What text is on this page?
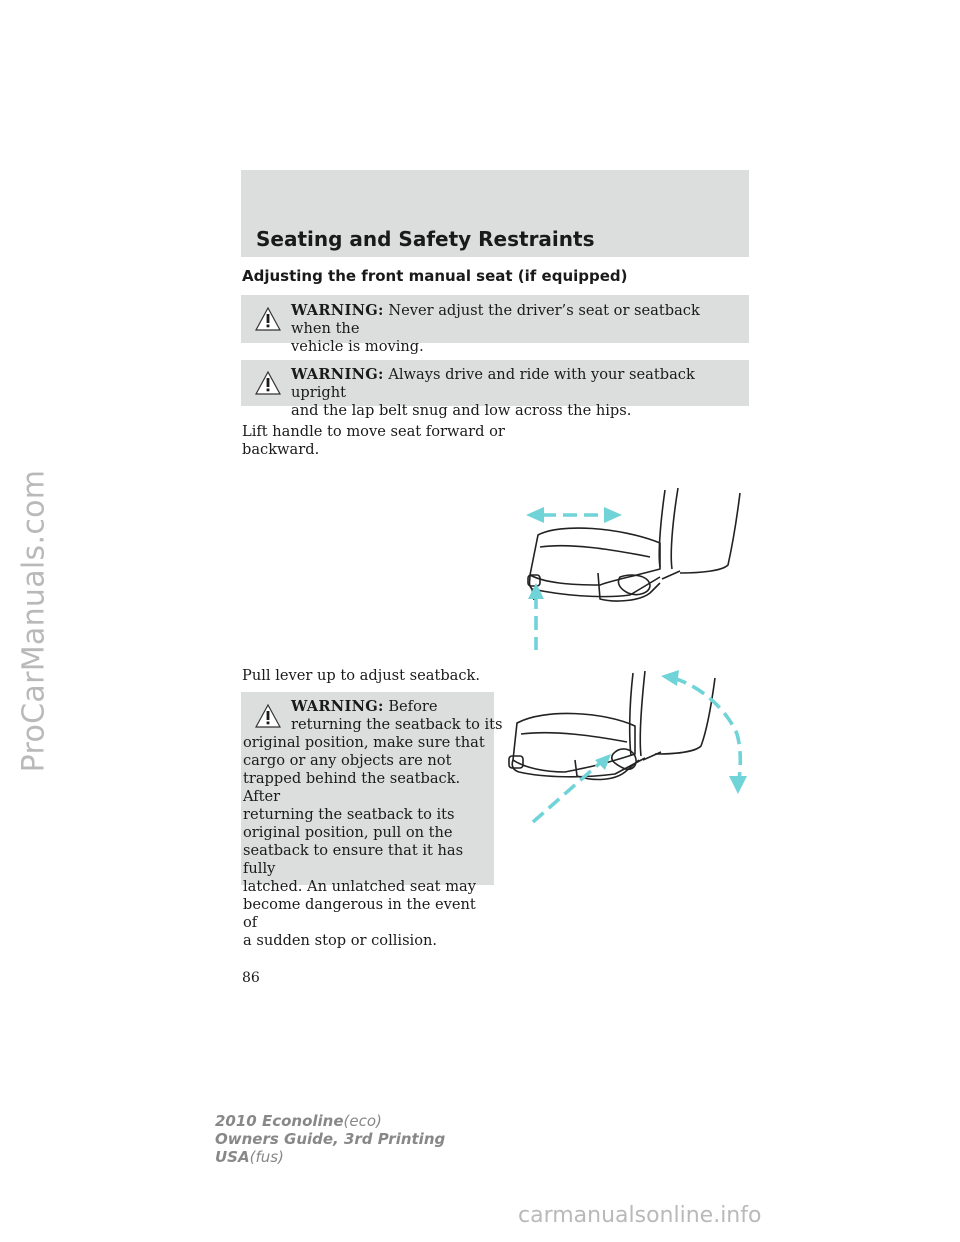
ProCarManuals.com
Seating and Safety Restraints
Adjusting the front manual seat (if equipped)
WARNING: Never adjust the driver’s seat or seatback when the
vehicle is moving.
WARNING: Always drive and ride with your seatback upright
and the lap belt snug and low across the hips.
Lift handle to move seat forward or
backward.
Pull lever up to adjust seatback.
WARNING: Before
returning the seatback to its
original position, make sure that
cargo or any objects are not
trapped behind the seatback. After
returning the seatback to its
original position, pull on the
seatback to ensure that it has fully
latched. An unlatched seat may
become dangerous in the event of
a sudden stop or collision.
86
2010 Econoline(eco)
Owners Guide, 3rd Printing
USA(fus)
carmanualsonline.info
